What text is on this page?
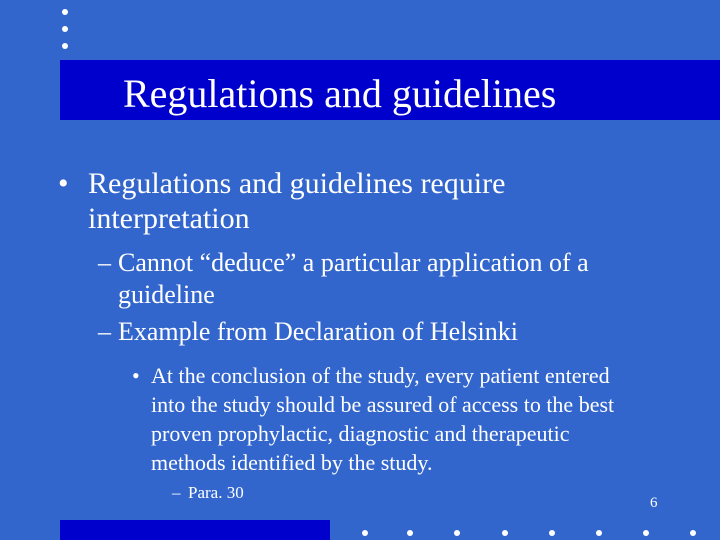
Regulations and guidelines
• Regulations and guidelines require
interpretation
– Cannot “deduce” a particular application of a
guideline
– Example from Declaration of Helsinki
• At the conclusion of the study, every patient entered
into the study should be assured of access to the best
proven prophylactic, diagnostic and therapeutic
methods identified by the study.
– Para. 30
6
